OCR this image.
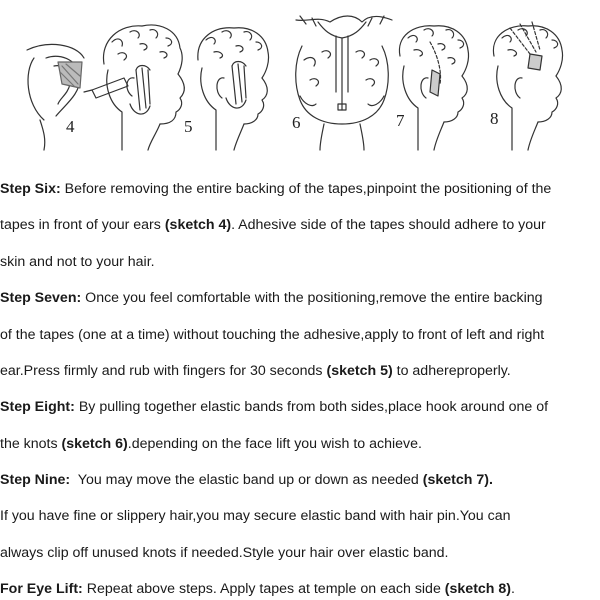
4	5	6	7	8
Step Six: Before removing the entire backing of the tapes,pinpoint the positioning of the
tapes in front of your ears (sketch 4). Adhesive side of the tapes should adhere to your
skin and not to your hair.
Step Seven: Once you feel comfortable with the positioning,remove the entire backing
of the tapes (one at a time) without touching the adhesive,apply to front of left and right
ear.Press firmly and rub with fingers for 30 seconds (sketch 5) to adhereproperly.
Step Eight: By pulling together elastic bands from both sides,place hook around one of
the knots (sketch 6).depending on the face lift you wish to achieve.
Step Nine:  You may move the elastic band up or down as needed (sketch 7).
If you have fine or slippery hair,you may secure elastic band with hair pin.You can
always clip off unused knots if needed.Style your hair over elastic band.
For Eye Lift: Repeat above steps. Apply tapes at temple on each side (sketch 8).
